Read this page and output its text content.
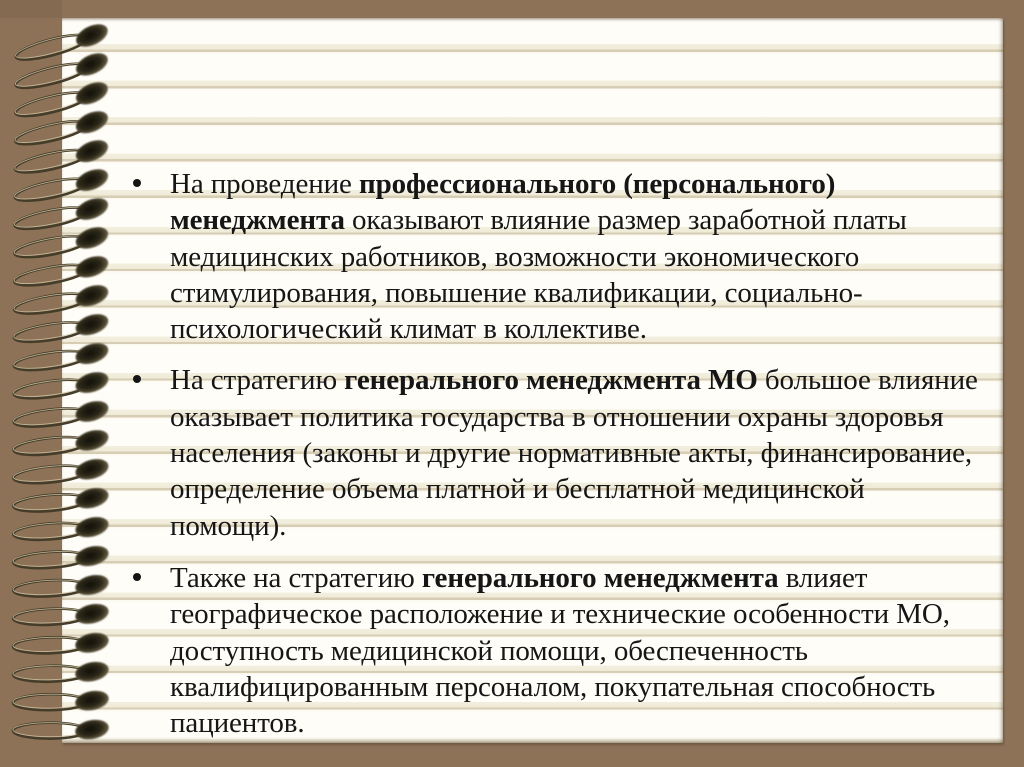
На проведение профессионального (персонального)
менеджмента оказывают влияние размер заработной платы
медицинских работников, возможности экономического
стимулирования, повышение квалификации, социально-
психологический климат в коллективе.
На стратегию генерального менеджмента МО большое влияние
оказывает политика государства в отношении охраны здоровья
населения (законы и другие нормативные акты, финансирование,
определение объема платной и бесплатной медицинской
помощи).
Также на стратегию генерального менеджмента влияет
географическое расположение и технические особенности МО,
доступность медицинской помощи, обеспеченность
квалифицированным персоналом, покупательная способность
пациентов.
